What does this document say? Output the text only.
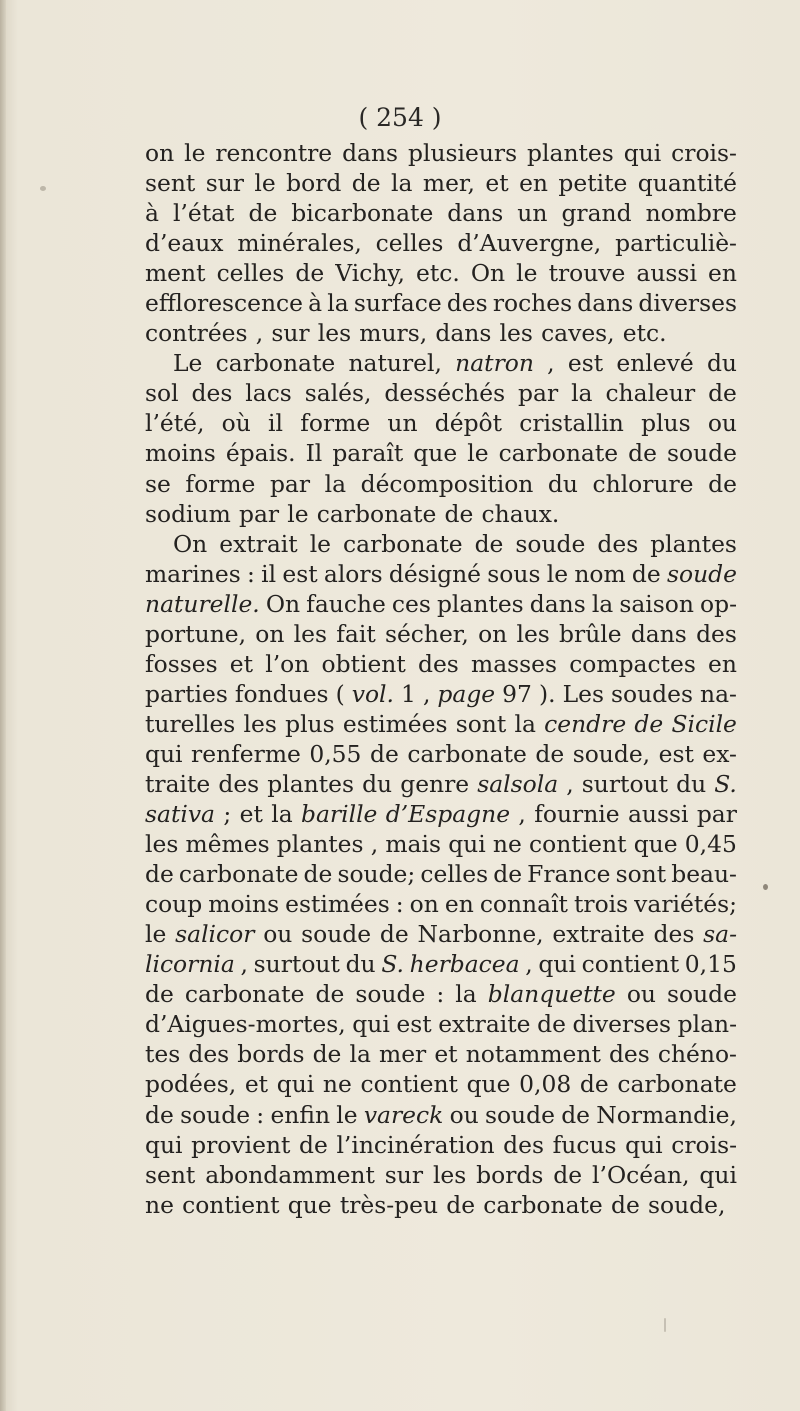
( 254 )
on le rencontre dans plusieurs plantes qui crois-
sent sur le bord de la mer, et en petite quantité
à l’état de bicarbonate dans un grand nombre
d’eaux minérales, celles d’Auvergne, particuliè-
ment celles de Vichy, etc. On le trouve aussi en
efflorescence à la surface des roches dans diverses
contrées , sur les murs, dans les caves, etc.
Le carbonate naturel, natron , est enlevé du
sol des lacs salés, desséchés par la chaleur de
l’été, où il forme un dépôt cristallin plus ou
moins épais. Il paraît que le carbonate de soude
se forme par la décomposition du chlorure de
sodium par le carbonate de chaux.
On extrait le carbonate de soude des plantes
marines : il est alors désigné sous le nom de soude
naturelle. On fauche ces plantes dans la saison op-
portune, on les fait sécher, on les brûle dans des
fosses et l’on obtient des masses compactes en
parties fondues ( vol. 1 , page 97 ). Les soudes na-
turelles les plus estimées sont la cendre de Sicile
qui renferme 0,55 de carbonate de soude, est ex-
traite des plantes du genre salsola , surtout du S.
sativa ; et la barille d’Espagne , fournie aussi par
les mêmes plantes , mais qui ne contient que 0,45
de carbonate de soude; celles de France sont beau-
coup moins estimées : on en connaît trois variétés;
le salicor ou soude de Narbonne, extraite des sa-
licornia , surtout du S. herbacea , qui contient 0,15
de carbonate de soude : la blanquette ou soude
d’Aigues-mortes, qui est extraite de diverses plan-
tes des bords de la mer et notamment des chéno-
podées, et qui ne contient que 0,08 de carbonate
de soude : enfin le vareck ou soude de Normandie,
qui provient de l’incinération des fucus qui crois-
sent abondamment sur les bords de l’Océan, qui
ne contient que très-peu de carbonate de soude,
